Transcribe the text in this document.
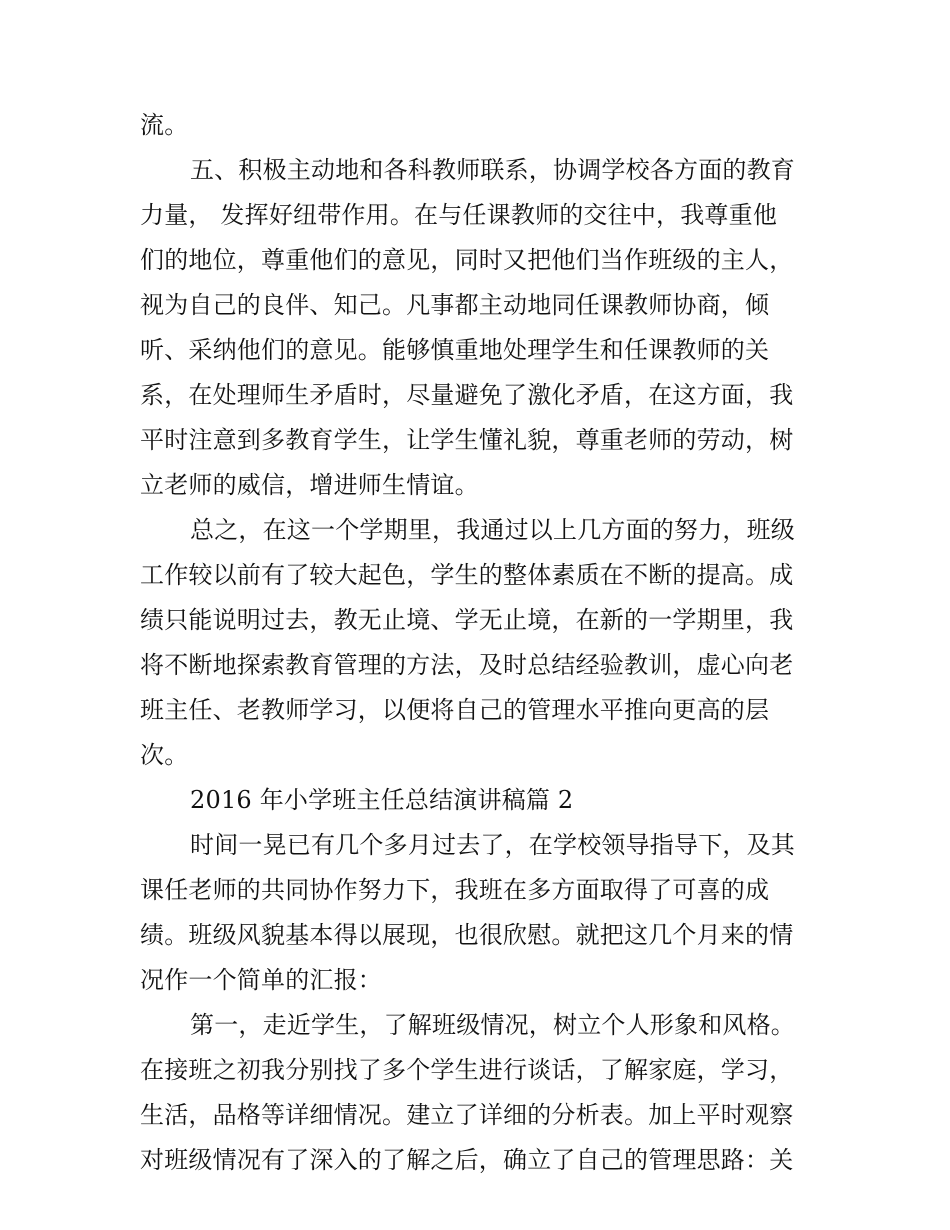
流。
五、积极主动地和各科教师联系，协调学校各方面的教育
力量， 发挥好纽带作用。在与任课教师的交往中，我尊重他
们的地位，尊重他们的意见，同时又把他们当作班级的主人，
视为自己的良伴、知己。凡事都主动地同任课教师协商，倾
听、采纳他们的意见。能够慎重地处理学生和任课教师的关
系，在处理师生矛盾时，尽量避免了激化矛盾，在这方面，我
平时注意到多教育学生，让学生懂礼貌，尊重老师的劳动，树
立老师的威信，增进师生情谊。
总之，在这一个学期里，我通过以上几方面的努力，班级
工作较以前有了较大起色，学生的整体素质在不断的提高。成
绩只能说明过去，教无止境、学无止境，在新的一学期里，我
将不断地探索教育管理的方法，及时总结经验教训，虚心向老
班主任、老教师学习，以便将自己的管理水平推向更高的层
次。
2016 年小学班主任总结演讲稿篇 2
时间一晃已有几个多月过去了，在学校领导指导下，及其
课任老师的共同协作努力下，我班在多方面取得了可喜的成
绩。班级风貌基本得以展现，也很欣慰。就把这几个月来的情
况作一个简单的汇报：
第一，走近学生，了解班级情况，树立个人形象和风格。
在接班之初我分别找了多个学生进行谈话，了解家庭，学习，
生活，品格等详细情况。建立了详细的分析表。加上平时观察
对班级情况有了深入的了解之后，确立了自己的管理思路：关
